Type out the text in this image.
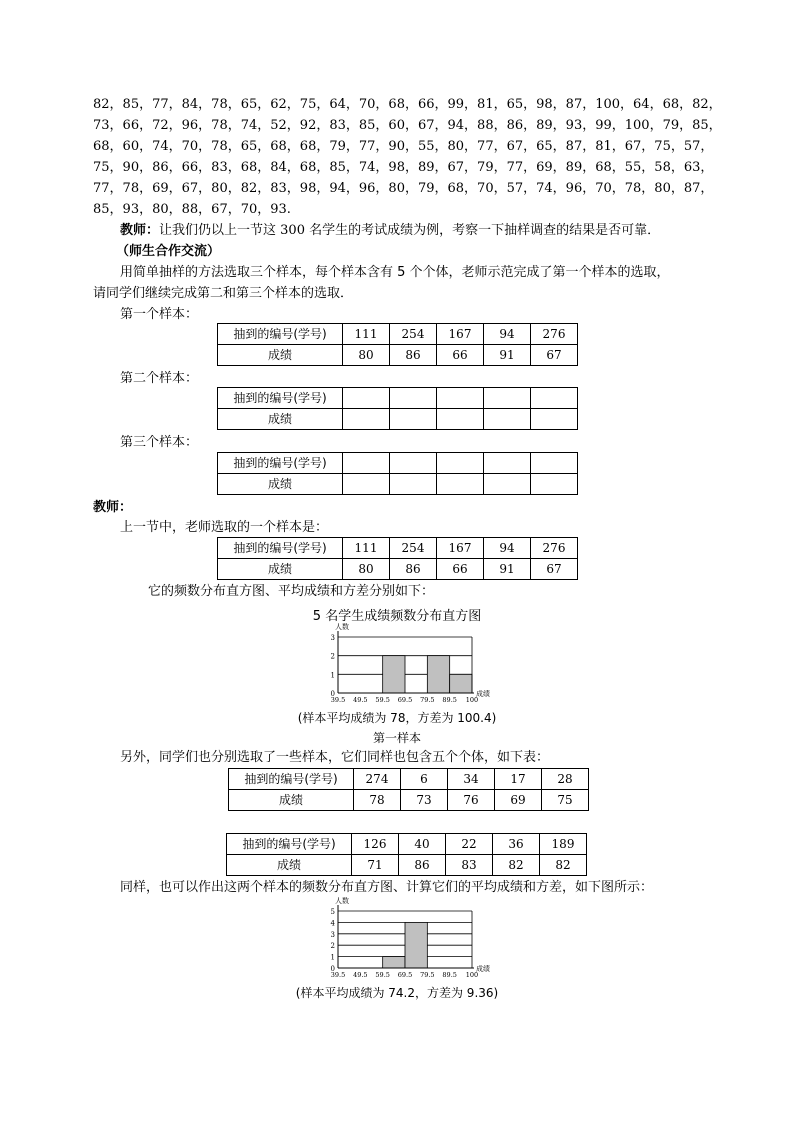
82，85，77，84，78，65，62，75，64，70，68，66，99，81，65，98，87，100，64，68，82，
73，66，72，96，78，74，52，92，83，85，60，67，94，88，86，89，93，99，100，79，85，
68，60，74，70，78，65，68，68，79，77，90，55，80，77，67，65，87，81，67，75，57，
75，90，86，66，83，68，84，68，85，74，98，89，67，79，77，69，89，68，55，58，63，
77，78，69，67，80，82，83，98，94，96，80，79，68，70，57，74，96，70，78，80，87，
85，93，80，88，67，70，93.
教师：让我们仍以上一节这 300 名学生的考试成绩为例，考察一下抽样调查的结果是否可靠．
（师生合作交流）
用简单抽样的方法选取三个样本，每个样本含有 5 个个体，老师示范完成了第一个样本的选取，
请同学们继续完成第二和第三个样本的选取．
第一个样本：
抽到的编号(学号)	111	254	167	94	276
成绩	80	86	66	91	67
第二个样本：
抽到的编号(学号)					
成绩					
第三个样本：
抽到的编号(学号)					
成绩					
教师：
上一节中，老师选取的一个样本是：
抽到的编号(学号)	111	254	167	94	276
成绩	80	86	66	91	67
它的频数分布直方图、平均成绩和方差分别如下：
5 名学生成绩频数分布直方图
0
1
2
3
39.5 49.5 59.5 69.5 79.5 89.5 100
人数
成绩
(样本平均成绩为 78，方差为 100.4)
第一样本
另外，同学们也分别选取了一些样本，它们同样也包含五个个体，如下表：
抽到的编号(学号)	274	6	34	17	28
成绩	78	73	76	69	75
抽到的编号(学号)	126	40	22	36	189
成绩	71	86	83	82	82
同样，也可以作出这两个样本的频数分布直方图、计算它们的平均成绩和方差，如下图所示：
0
1
2
3
4
5
39.5 49.5 59.5 69.5 79.5 89.5 100
人数
成绩
(样本平均成绩为 74.2，方差为 9.36)
